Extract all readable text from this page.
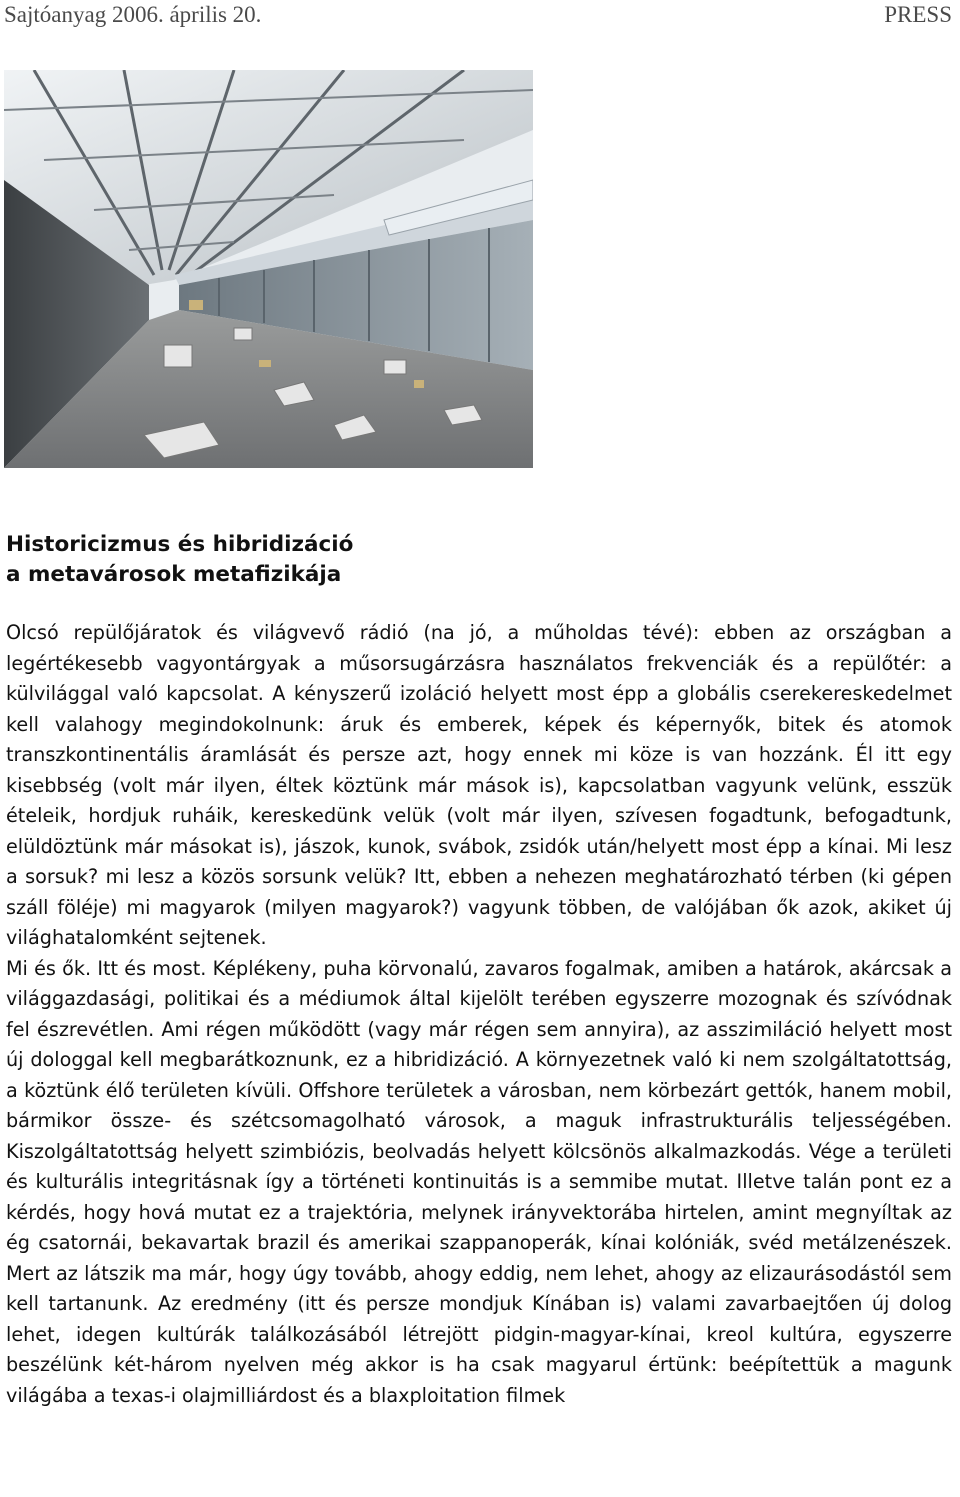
Sajtóanyag 2006. április 20.	PRESS
Historicizmus és hibridizáció
a metavárosok metafizikája

Olcsó repülőjáratok és világvevő rádió (na jó, a műholdas tévé): ebben az országban a legértékesebb vagyontárgyak a műsorsugárzásra használatos frekvenciák és a repülőtér: a külvilággal való kapcsolat. A kényszerű izoláció helyett most épp a globális cserekereskedelmet kell valahogy megindokolnunk: áruk és emberek, képek és képernyők, bitek és atomok transzkontinentális áramlását és persze azt, hogy ennek mi köze is van hozzánk. Él itt egy kisebbség (volt már ilyen, éltek köztünk már mások is), kapcsolatban vagyunk velünk, esszük ételeik, hordjuk ruháik, kereskedünk velük (volt már ilyen, szívesen fogadtunk, befogadtunk, elüldöztünk már másokat is), jászok, kunok, svábok, zsidók után/helyett most épp a kínai. Mi lesz a sorsuk? mi lesz a közös sorsunk velük? Itt, ebben a nehezen meghatározható térben (ki gépen száll föléje) mi magyarok (milyen magyarok?) vagyunk többen, de valójában ők azok, akiket új világhatalomként sejtenek.

Mi és ők. Itt és most. Képlékeny, puha körvonalú, zavaros fogalmak, amiben a határok, akárcsak a világgazdasági, politikai és a médiumok által kijelölt terében egyszerre mozognak és szívódnak fel észrevétlen. Ami régen működött (vagy már régen sem annyira), az asszimiláció helyett most új dologgal kell megbarátkoznunk, ez a hibridizáció. A környezetnek való ki nem szolgáltatottság, a köztünk élő területen kívüli. Offshore területek a városban, nem körbezárt gettók, hanem mobil, bármikor össze- és szétcsomagolható városok, a maguk infrastrukturális teljességében. Kiszolgáltatottság helyett szimbiózis, beolvadás helyett kölcsönös alkalmazkodás. Vége a területi és kulturális integritásnak így a történeti kontinuitás is a semmibe mutat. Illetve talán pont ez a kérdés, hogy hová mutat ez a trajektória, melynek irányvektorába hirtelen, amint megnyíltak az ég csatornái, bekavartak brazil és amerikai szappanoperák, kínai kolóniák, svéd metálzenészek. Mert az látszik ma már, hogy úgy tovább, ahogy eddig, nem lehet, ahogy az elizaurásodástól sem kell tartanunk. Az eredmény (itt és persze mondjuk Kínában is) valami zavarbaejtően új dolog lehet, idegen kultúrák találkozásából létrejött pidgin-magyar-kínai, kreol kultúra, egyszerre beszélünk két-három nyelven még akkor is ha csak magyarul értünk: beépítettük a magunk világába a texas-i olajmilliárdost és a blaxploitation filmek
